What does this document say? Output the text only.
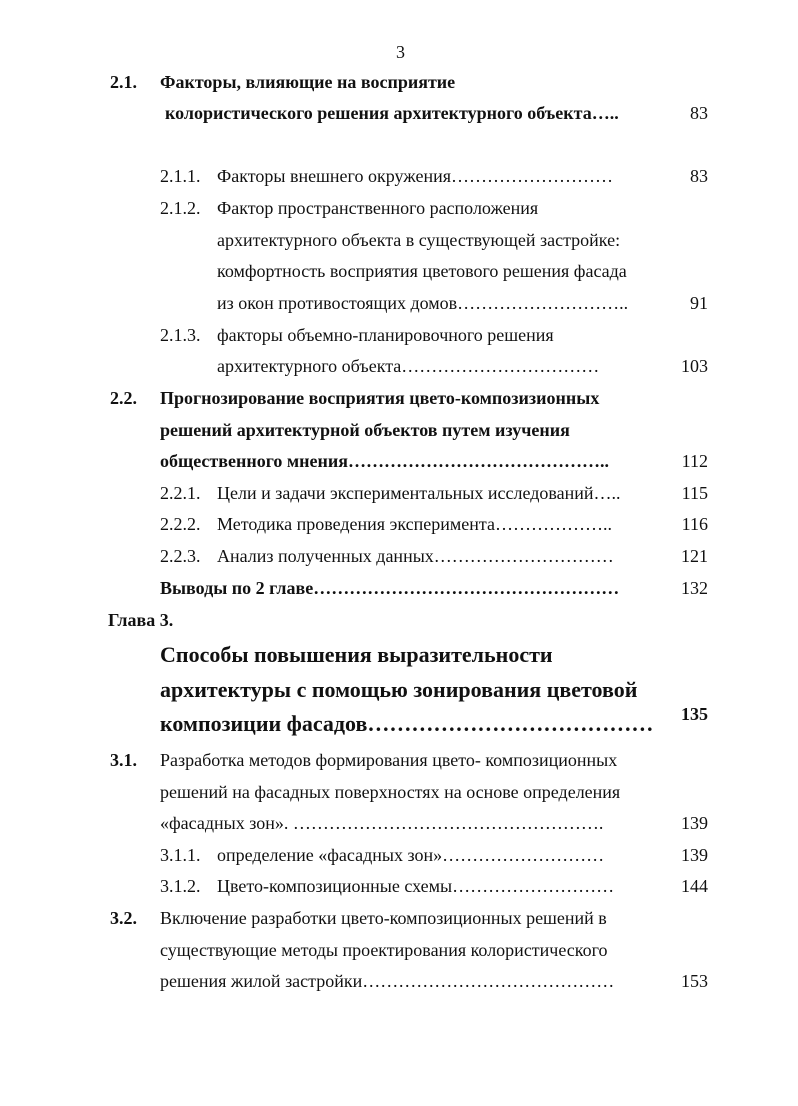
3
2.1. Факторы, влияющие на восприятие
колористического решения архитектурного объекта…..	83
2.1.1. Факторы внешнего окружения………………………	83
2.1.2. Фактор пространственного расположения
архитектурного объекта в существующей застройке:
комфортность восприятия цветового решения фасада
из окон противостоящих домов………………………..	91
2.1.3. факторы объемно-планировочного решения
архитектурного объекта……………………………	103
2.2. Прогнозирование восприятия цвето-композизионных
решений архитектурной объектов путем изучения
общественного мнения……………………………………..	112
2.2.1. Цели и задачи экспериментальных исследований…..	115
2.2.2. Методика проведения эксперимента………………..	116
2.2.3. Анализ полученных данных…………………………	121
Выводы по 2 главе……………………………………………	132
Глава 3.
Способы повышения выразительности
архитектуры с помощью зонирования цветовой
композиции фасадов…………………………………	135
3.1. Разработка методов формирования цвето- композиционных
решений на фасадных поверхностях на основе определения
«фасадных зон». …………………………………………….	139
3.1.1. определение «фасадных зон»………………………	139
3.1.2. Цвето-композиционные схемы………………………	144
3.2. Включение разработки цвето-композиционных решений в
существующие методы проектирования колористического
решения жилой застройки……………………………………	153
